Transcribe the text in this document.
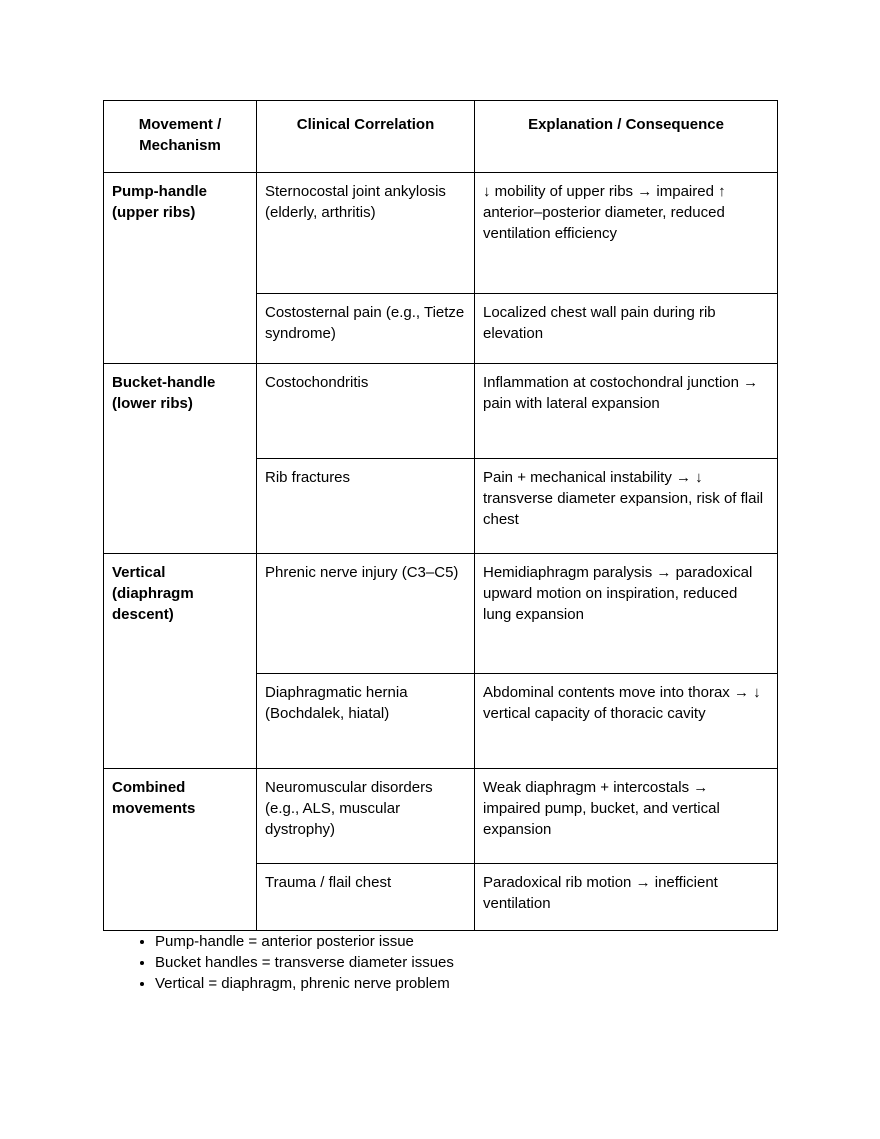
Movement / Mechanism	Clinical Correlation	Explanation / Consequence
Pump-handle (upper ribs)	Sternocostal joint ankylosis (elderly, arthritis)	↓ mobility of upper ribs → impaired ↑ anterior–posterior diameter, reduced ventilation efficiency
	Costosternal pain (e.g., Tietze syndrome)	Localized chest wall pain during rib elevation
Bucket-handle (lower ribs)	Costochondritis	Inflammation at costochondral junction → pain with lateral expansion
	Rib fractures	Pain + mechanical instability → ↓ transverse diameter expansion, risk of flail chest
Vertical (diaphragm descent)	Phrenic nerve injury (C3–C5)	Hemidiaphragm paralysis → paradoxical upward motion on inspiration, reduced lung expansion
	Diaphragmatic hernia (Bochdalek, hiatal)	Abdominal contents move into thorax → ↓ vertical capacity of thoracic cavity
Combined movements	Neuromuscular disorders (e.g., ALS, muscular dystrophy)	Weak diaphragm + intercostals → impaired pump, bucket, and vertical expansion
	Trauma / flail chest	Paradoxical rib motion → inefficient ventilation
• Pump-handle = anterior posterior issue
• Bucket handles = transverse diameter issues
• Vertical = diaphragm, phrenic nerve problem
